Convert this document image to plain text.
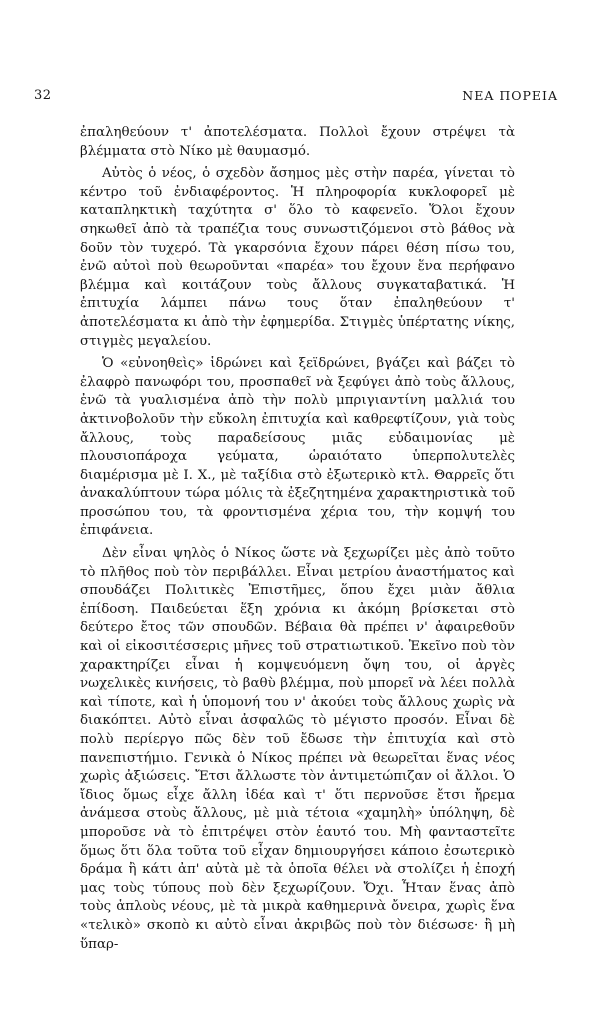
32	ΝΕΑ ΠΟΡΕΙΑ

ἐπαληθεύουν τ' ἀποτελέσματα. Πολλοὶ ἔχουν στρέψει τὰ βλέμματα στὸ Νίκο μὲ θαυμασμό.

Αὐτὸς ὁ νέος, ὁ σχεδὸν ἄσημος μὲς στὴν παρέα, γίνεται τὸ κέντρο τοῦ ἐνδιαφέροντος. Ἡ πληροφορία κυκλοφορεῖ μὲ καταπληκτικὴ ταχύτητα σ' ὅλο τὸ καφενεῖο. Ὅλοι ἔχουν σηκωθεῖ ἀπὸ τὰ τραπέζια τους συνωστιζόμενοι στὸ βάθος νὰ δοῦν τὸν τυχερό. Τὰ γκαρσόνια ἔχουν πάρει θέση πίσω του, ἐνῶ αὐτοὶ ποὺ θεωροῦνται «παρέα» του ἔχουν ἕνα περήφανο βλέμμα καὶ κοιτάζουν τοὺς ἄλλους συγκαταβατικά. Ἡ ἐπιτυχία λάμπει πάνω τους ὅταν ἐπαληθεύουν τ' ἀποτελέσματα κι ἀπὸ τὴν ἐφημερίδα. Στιγμὲς ὑπέρτατης νίκης, στιγμὲς μεγαλείου.

Ὁ «εὐνοηθεὶς» ἱδρώνει καὶ ξεϊδρώνει, βγάζει καὶ βάζει τὸ ἐλαφρὸ πανωφόρι του, προσπαθεῖ νὰ ξεφύγει ἀπὸ τοὺς ἄλλους, ἐνῶ τὰ γυαλισμένα ἀπὸ τὴν πολὺ μπριγιαντίνη μαλλιά του ἀκτινοβολοῦν τὴν εὔκολη ἐπιτυχία καὶ καθρεφτίζουν, γιὰ τοὺς ἄλλους, τοὺς παραδείσους μιᾶς εὐδαιμονίας μὲ πλουσιοπάροχα γεύματα, ὡραιότατο ὑπερπολυτελὲς διαμέρισμα μὲ Ι. Χ., μὲ ταξίδια στὸ ἐξωτερικὸ κτλ. Θαρρεῖς ὅτι ἀνακαλύπτουν τώρα μόλις τὰ ἐξεζητημένα χαρακτηριστικὰ τοῦ προσώπου του, τὰ φροντισμένα χέρια του, τὴν κομψή του ἐπιφάνεια.

Δὲν εἶναι ψηλὸς ὁ Νίκος ὥστε νὰ ξεχωρίζει μὲς ἀπὸ τοῦτο τὸ πλῆθος ποὺ τὸν περιβάλλει. Εἶναι μετρίου ἀναστήματος καὶ σπουδάζει Πολιτικὲς Ἐπιστῆμες, ὅπου ἔχει μιὰν ἄθλια ἐπίδοση. Παιδεύεται ἕξη χρόνια κι ἀκόμη βρίσκεται στὸ δεύτερο ἔτος τῶν σπουδῶν. Βέβαια θὰ πρέπει ν' ἀφαιρεθοῦν καὶ οἱ εἰκοσιτέσσερις μῆνες τοῦ στρατιωτικοῦ. Ἐκεῖνο ποὺ τὸν χαρακτηρίζει εἶναι ἡ κομψευόμενη ὄψη του, οἱ ἀργὲς νωχελικὲς κινήσεις, τὸ βαθὺ βλέμμα, ποὺ μπορεῖ νὰ λέει πολλὰ καὶ τίποτε, καὶ ἡ ὑπομονή του ν' ἀκούει τοὺς ἄλλους χωρὶς νὰ διακόπτει. Αὐτὸ εἶναι ἀσφαλῶς τὸ μέγιστο προσόν. Εἶναι δὲ πολὺ περίεργο πῶς δὲν τοῦ ἔδωσε τὴν ἐπιτυχία καὶ στὸ πανεπιστήμιο. Γενικὰ ὁ Νίκος πρέπει νὰ θεωρεῖται ἕνας νέος χωρὶς ἀξιώσεις. Ἔτσι ἄλλωστε τὸν ἀντιμετώπιζαν οἱ ἄλλοι. Ὁ ἴδιος ὅμως εἶχε ἄλλη ἰδέα καὶ τ' ὅτι περνοῦσε ἔτσι ἤρεμα ἀνάμεσα στοὺς ἄλλους, μὲ μιὰ τέτοια «χαμηλὴ» ὑπόληψη, δὲ μποροῦσε νὰ τὸ ἐπιτρέψει στὸν ἑαυτό του. Μὴ φανταστεῖτε ὅμως ὅτι ὅλα τοῦτα τοῦ εἶχαν δημιουργήσει κάποιο ἐσωτερικὸ δράμα ἢ κάτι ἀπ' αὐτὰ μὲ τὰ ὁποῖα θέλει νὰ στολίζει ἡ ἐποχή μας τοὺς τύπους ποὺ δὲν ξεχωρίζουν. Ὄχι. Ἦταν ἕνας ἀπὸ τοὺς ἁπλοὺς νέους, μὲ τὰ μικρὰ καθημερινὰ ὄνειρα, χωρὶς ἕνα «τελικὸ» σκοπὸ κι αὐτὸ εἶναι ἀκριβῶς ποὺ τὸν διέσωσε· ἢ μὴ ὕπαρ-
